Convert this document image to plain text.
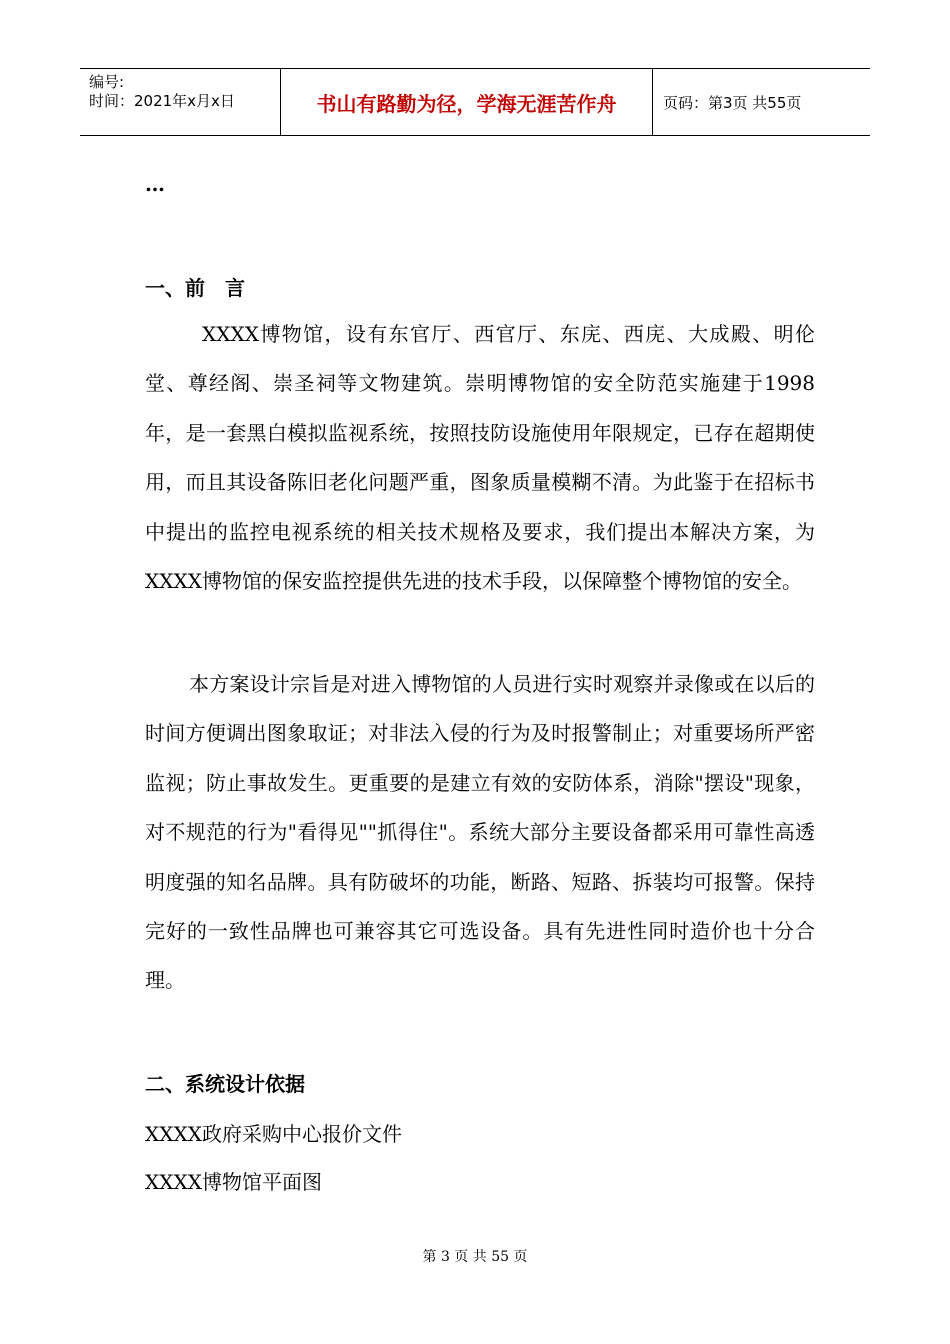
编号:
时间：2021年x月x日	书山有路勤为径，学海无涯苦作舟	页码：第3页 共55页
…
一、前　言

XXXX博物馆，设有东官厅、西官厅、东庑、西庑、大成殿、明伦堂、尊经阁、崇圣祠等文物建筑。崇明博物馆的安全防范实施建于1998年，是一套黑白模拟监视系统，按照技防设施使用年限规定，已存在超期使用，而且其设备陈旧老化问题严重，图象质量模糊不清。为此鉴于在招标书中提出的监控电视系统的相关技术规格及要求，我们提出本解决方案，为XXXX博物馆的保安监控提供先进的技术手段，以保障整个博物馆的安全。

本方案设计宗旨是对进入博物馆的人员进行实时观察并录像或在以后的时间方便调出图象取证；对非法入侵的行为及时报警制止；对重要场所严密监视；防止事故发生。更重要的是建立有效的安防体系，消除"摆设"现象，对不规范的行为"看得见""抓得住"。系统大部分主要设备都采用可靠性高透明度强的知名品牌。具有防破坏的功能，断路、短路、拆装均可报警。保持完好的一致性品牌也可兼容其它可选设备。具有先进性同时造价也十分合理。

二、系统设计依据
XXXX政府采购中心报价文件
XXXX博物馆平面图
第 3 页 共 55 页
